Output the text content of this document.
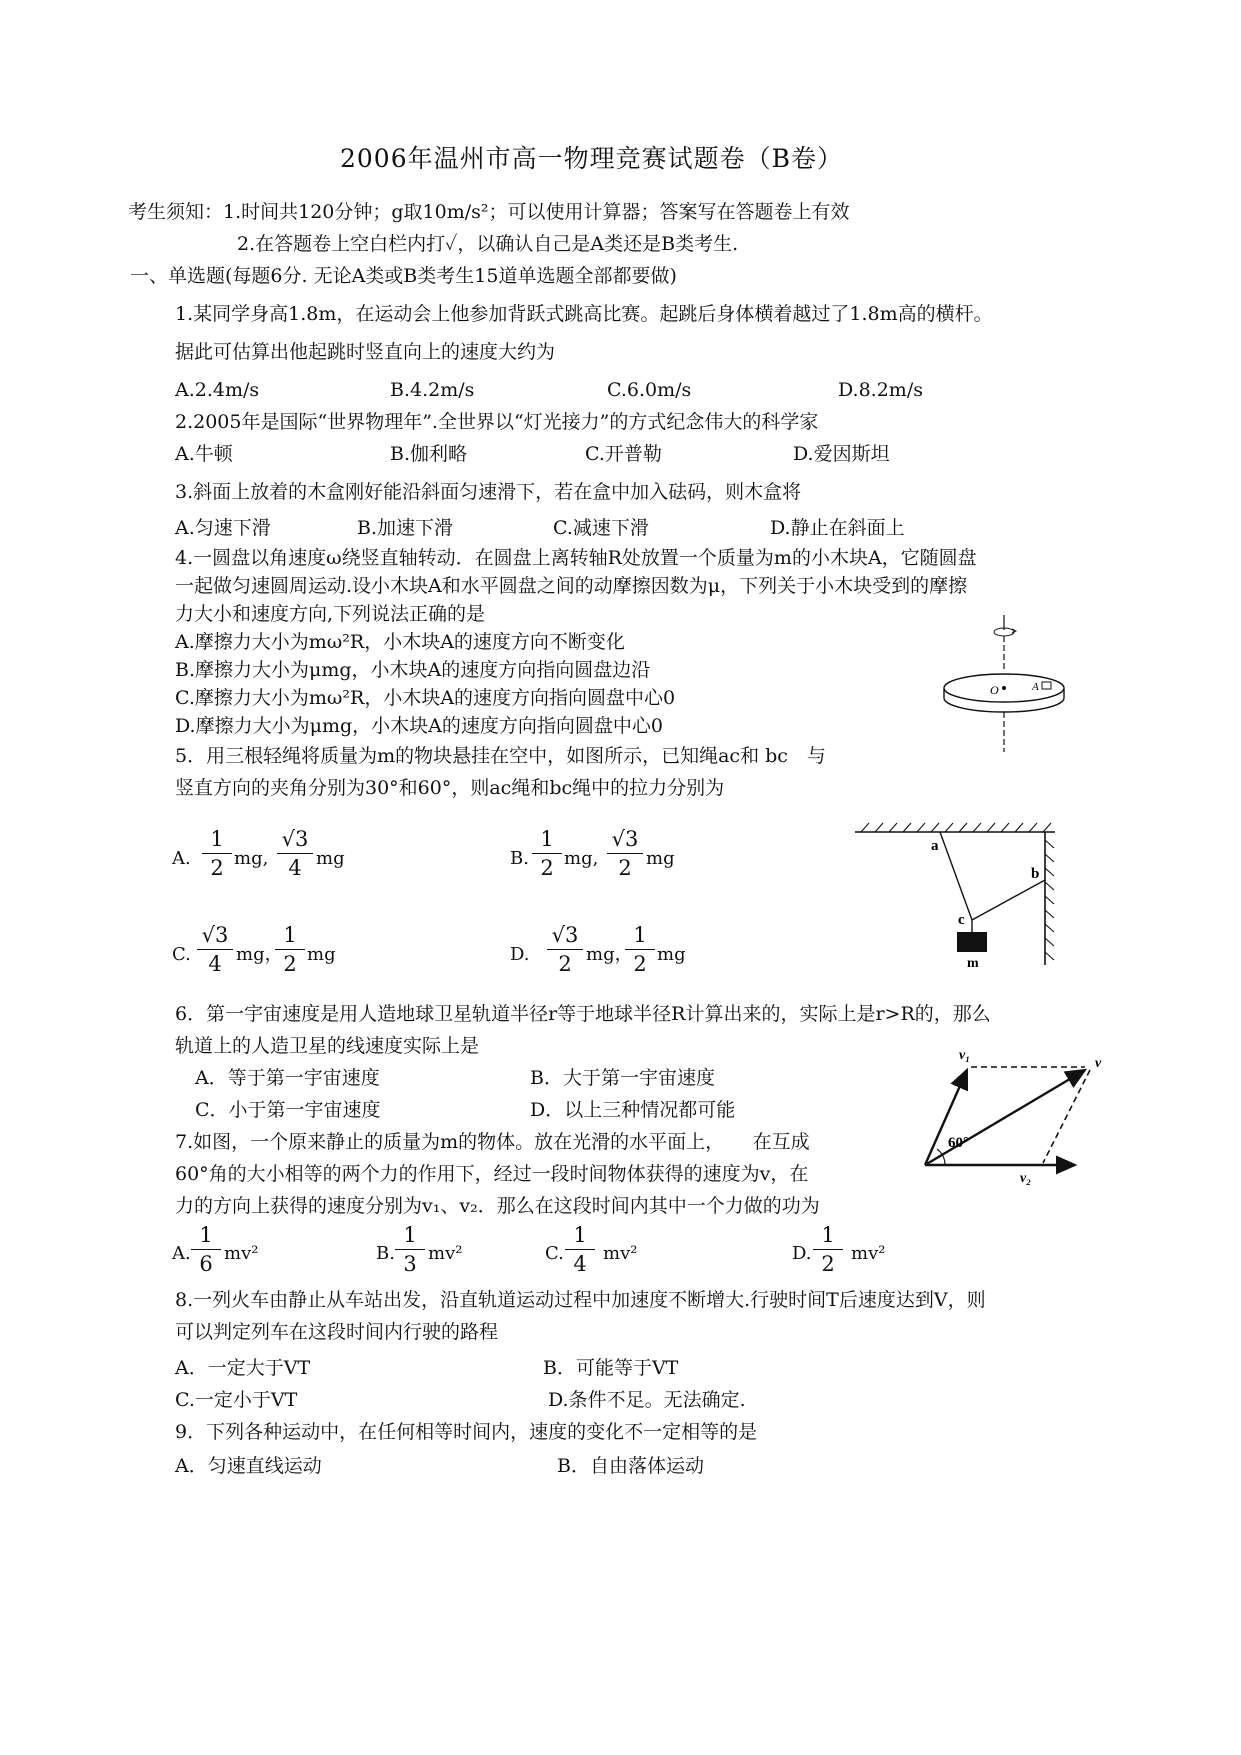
2006年温州市高一物理竞赛试题卷（B卷）
考生须知：1.时间共120分钟；g取10m/s²；可以使用计算器；答案写在答题卷上有效
2.在答题卷上空白栏内打✓，以确认自己是A类还是B类考生.
一、单选题(每题6分. 无论A类或B类考生15道单选题全部都要做)
1.某同学身高1.8m，在运动会上他参加背跃式跳高比赛。起跳后身体横着越过了1.8m高的横杆。
据此可估算出他起跳时竖直向上的速度大约为
A.2.4m/s	B.4.2m/s	C.6.0m/s	D.8.2m/s
2.2005年是国际“世界物理年”.全世界以“灯光接力”的方式纪念伟大的科学家
A.牛顿	B.伽利略	C.开普勒	D.爱因斯坦
3.斜面上放着的木盒刚好能沿斜面匀速滑下，若在盒中加入砝码，则木盒将
A.匀速下滑	B.加速下滑	C.减速下滑	D.静止在斜面上
4.一圆盘以角速度ω绕竖直轴转动．在圆盘上离转轴R处放置一个质量为m的小木块A，它随圆盘
一起做匀速圆周运动.设小木块A和水平圆盘之间的动摩擦因数为μ，下列关于小木块受到的摩擦
力大小和速度方向,下列说法正确的是
A.摩擦力大小为mω²R，小木块A的速度方向不断变化
B.摩擦力大小为μmg，小木块A的速度方向指向圆盘边沿
C.摩擦力大小为mω²R，小木块A的速度方向指向圆盘中心0
D.摩擦力大小为μmg，小木块A的速度方向指向圆盘中心0
O	A
5．用三根轻绳将质量为m的物块悬挂在空中，如图所示，已知绳ac和 bc　与
竖直方向的夹角分别为30°和60°，则ac绳和bc绳中的拉力分别为
A.
1
2 mg,
√3
4 mg	B.
1
2 mg,
√3
2 mg
C.
√3
4 mg，
1
2 mg	D.
√3
2 mg，
1
2 mg
a
b
c
m
6．第一宇宙速度是用人造地球卫星轨道半径r等于地球半径R计算出来的，实际上是r>R的，那么
轨道上的人造卫星的线速度实际上是
A．等于第一宇宙速度	B．大于第一宇宙速度
C．小于第一宇宙速度	D．以上三种情况都可能
7.如图，一个原来静止的质量为m的物体。放在光滑的水平面上，　　在互成
60°角的大小相等的两个力的作用下，经过一段时间物体获得的速度为v，在
力的方向上获得的速度分别为v₁、v₂．那么在这段时间内其中一个力做的功为
A.
1
6 mv²	B.
1
3 mv²	C.
1
4 mv²	D.
1
2 mv²
v₁
v
v₂
60°
8.一列火车由静止从车站出发，沿直轨道运动过程中加速度不断增大.行驶时间T后速度达到V，则
可以判定列车在这段时间内行驶的路程
A．一定大于VT	B．可能等于VT
C.一定小于VT	D.条件不足。无法确定.
9．下列各种运动中，在任何相等时间内，速度的变化不一定相等的是
A．匀速直线运动	B．自由落体运动
